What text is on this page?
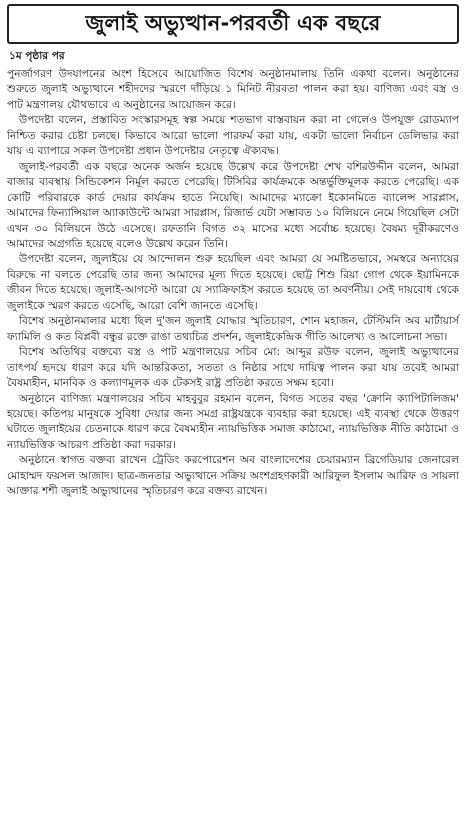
জুলাই অভ্যুত্থান-পরবর্তী এক বছরে
১ম পৃষ্ঠার পর

পুনর্জাগরণ উদযাপনের অংশ হিসেবে আয়োজিত বিশেষ অনুষ্ঠানমালায় তিনি একথা বলেন। অনুষ্ঠানের শুরুতে জুলাই অভ্যুত্থানে শহীদদের স্মরণে দাঁড়িয়ে ১ মিনিট নীরবতা পালন করা হয়। বাণিজ্য এবং বস্ত্র ও পাট মন্ত্রণালয় যৌথভাবে এ অনুষ্ঠানের আয়োজন করে।

উপদেষ্টা বলেন, প্রস্তাবিত সংস্কারসমূহ স্বল্প সময়ে শতভাগ বাস্তবায়ন করা না গেলেও উপযুক্ত রোডম্যাপ নিশ্চিত করার চেষ্টা চলছে। কিভাবে আরো ভালো পারফর্ম করা যায়, একটা ভালো নির্বাচন ডেলিভার করা যায় এ ব্যাপারে সকল উপদেষ্টা প্রধান উপদেষ্টার নেতৃত্বে ঐক্যবদ্ধ।

জুলাই-পরবর্তী এক বছরে অনেক অর্জন হয়েছে উল্লেখ করে উপদেষ্টা শেখ বশিরউদ্দীন বলেন, আমরা বাজার ব্যবস্থায় সিন্ডিকেশন নির্মূল করতে পেরেছি। টিসিবির কার্যক্রমকে অন্তর্ভুক্তিমূলক করতে পেরেছি। এক কোটি পরিবারকে কার্ড দেয়ার কার্যক্রম হাতে নিয়েছি। আমাদের ম্যাক্রো ইকোনমিতে ব্যালেন্স সারপ্লাস, আমাদের ফিন্যান্সিয়াল অ্যাকাউন্টে আমরা সারপ্লাস, রিজার্ভ যেটা সম্ভাবত ১০ বিলিয়নে নেমে গিয়েছিল সেটা এখন ৩০ বিলিয়নে উঠে এসেছে। রফতানি বিগত ৩২ মাসের মধ্যে সর্বোচ্চ হয়েছে। বৈষম্য দূরীকরণেও আমাদের অগ্রগতি হয়েছে বলেও উল্লেখ করেন তিনি।

উপদেষ্টা বলেন, জুলাইয়ে যে আন্দোলন শুরু হয়েছিল এবং আমরা যে সমষ্টিতভাবে, সমস্বরে অন্যায়ের বিরুদ্ধে না বলতে পেরেছি তার জন্য আমাদের মূল্য দিতে হয়েছে। ছোট্ট শিশু রিয়া গোপ থেকে ইয়ামিনকে জীবন দিতে হয়েছে। জুলাই-আগস্টে আরো যে স্যাক্রিফাইস করতে হয়েছে তা অবর্ণনীয়। সেই দায়বোধ থেকে জুলাইকে স্মরণ করতে এসেছি, আরো বেশি জানতে এসেছি।

বিশেষ অনুষ্ঠানমালার মধ্যে ছিল দু'জন জুলাই যোদ্ধার স্মৃতিচারণ, শোন মহাজন, টেস্টিমনি অব মার্টায়ার্স ফ্যামিলি ও কত বিপ্লবী বন্ধুর রক্তে রাঙা তথ্যচিত্র প্রদর্শন, জুলাইকেন্দ্রিক গীতি আলেখ্য ও আলোচনা সভা।

বিশেষ অতিথির বক্তব্যে বস্ত্র ও পাট মন্ত্রণালয়ের সচিব মো: আব্দুর রউফ বলেন, জুলাই অভ্যুত্থানের তাৎপর্য হৃদয়ে ধারণ করে যদি আন্তরিকতা, সততা ও নিষ্ঠার সাথে দায়িত্ব পালন করা যায় তবেই আমরা বৈষম্যহীন, মানবিক ও কল্যাণমূলক এক টেকসই রাষ্ট্র প্রতিষ্ঠা করতে সক্ষম হবো।

অনুষ্ঠানে বাণিজ্য মন্ত্রণালয়ের সচিব মাহবুবুর রহমান বলেন, বিগত সতের বছর 'ক্রোনি ক্যাপিটালিজম' হয়েছে। কতিপয় মানুষকে সুবিধা দেয়ার জন্য সমগ্র রাষ্ট্রযন্ত্রকে ব্যবহার করা হয়েছে। এই ব্যবস্থা থেকে উত্তরণ ঘটাতে জুলাইয়ের চেতনাকে ধারণ করে বৈষম্যহীন ন্যায়ভিত্তিক সমাজ কাঠামো, ন্যায়ভিত্তিক নীতি কাঠামো ও ন্যায়ভিত্তিক আচরণ প্রতিষ্ঠা করা দরকার।

অনুষ্ঠানে স্বাগত বক্তব্য রাখেন ট্রেডিং করপোরেশন অব বাংলাদেশের চেয়ারম্যান ব্রিগেডিয়ার জেনারেল মোহাম্মদ ফয়সল আজাদ। ছাত্র-জনতার অভ্যুত্থানে সক্রিয় অংশগ্রহণকারী আরিফুল ইসলাম আরিফ ও সায়লা আক্তার শশী জুলাই অভ্যুত্থানের স্মৃতিচারণ করে বক্তব্য রাখেন।
